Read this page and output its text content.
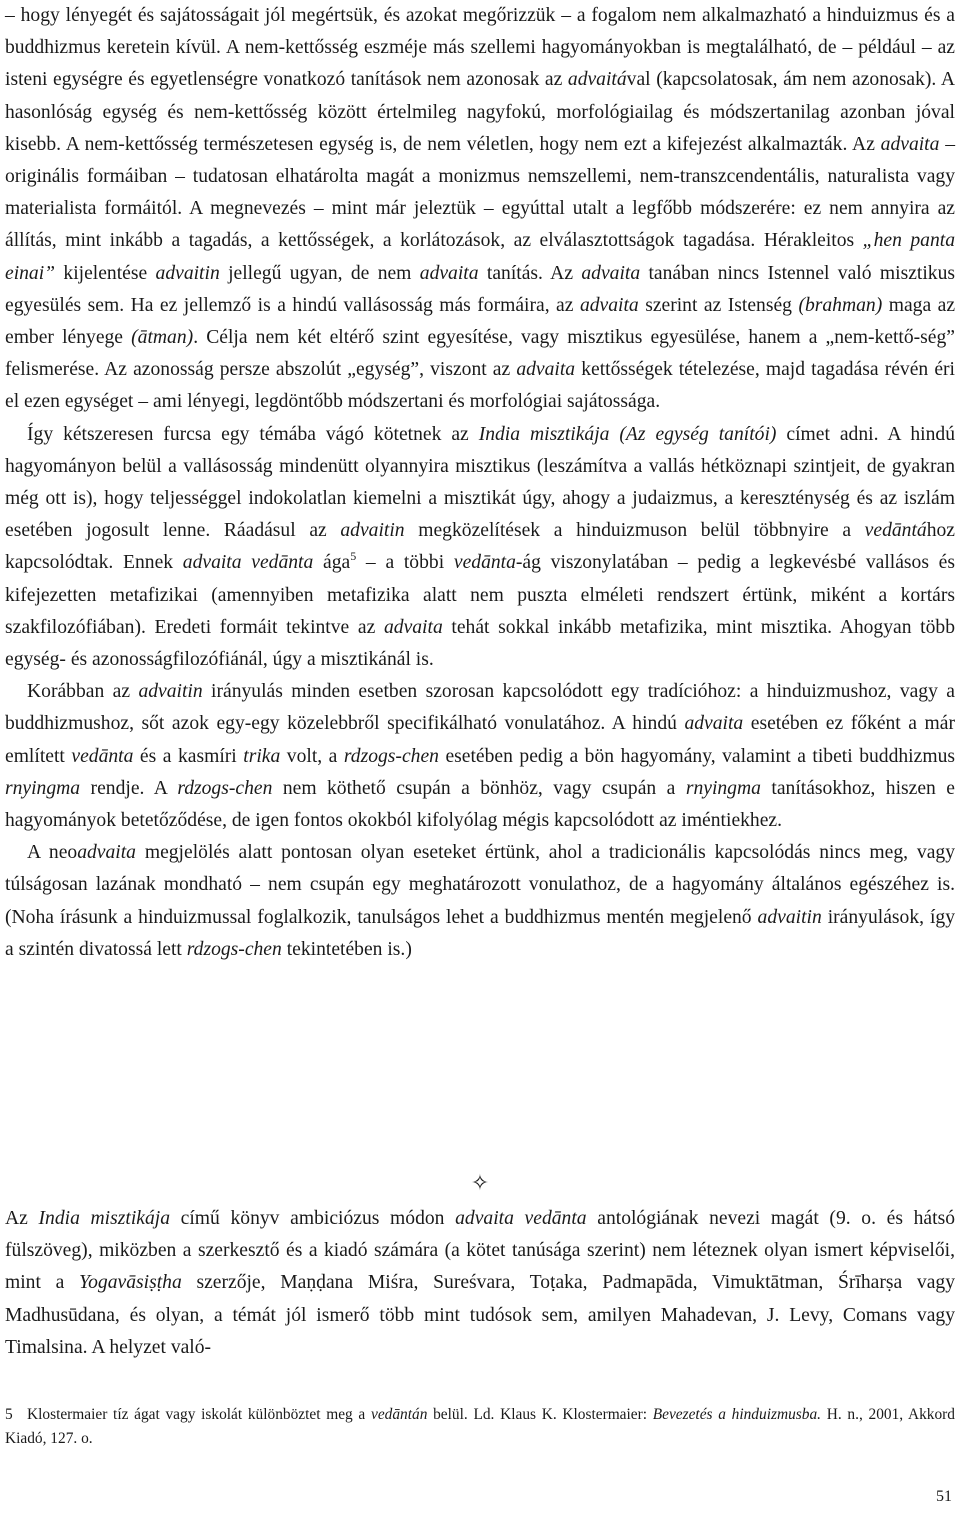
– hogy lényegét és sajátosságait jól megértsük, és azokat megőrizzük – a fogalom nem alkalmazható a hinduizmus és a buddhizmus keretein kívül. A nem-kettősség eszméje más szellemi hagyományokban is megtalálható, de – például – az isteni egységre és egyetlenségre vonatkozó tanítások nem azonosak az advaitával (kapcsolatosak, ám nem azonosak). A hasonlóság egység és nem-kettősség között értelmileg nagyfokú, morfológiailag és módszertanilag azonban jóval kisebb. A nem-kettősség természetesen egység is, de nem véletlen, hogy nem ezt a kifejezést alkalmazták. Az advaita – originális formáiban – tudatosan elhatárolta magát a monizmus nemszellemi, nem-transzcendentális, naturalista vagy materialista formáitól. A megnevezés – mint már jeleztük – egyúttal utalt a legfőbb módszerére: ez nem annyira az állítás, mint inkább a tagadás, a kettősségek, a korlátozások, az elválasztottságok tagadása. Hérakleitos „hen panta einai” kijelentése advaitin jellegű ugyan, de nem advaita tanítás. Az advaita tanában nincs Istennel való misztikus egyesülés sem. Ha ez jellemző is a hindú vallásosság más formáira, az advaita szerint az Istenség (brahman) maga az ember lényege (ātman). Célja nem két eltérő szint egyesítése, vagy misztikus egyesülése, hanem a „nem-kettő-ség” felismerése. Az azonosság persze abszolút „egység”, viszont az advaita kettősségek tételezése, majd tagadása révén éri el ezen egységet – ami lényegi, legdöntőbb módszertani és morfológiai sajátossága.

Így kétszeresen furcsa egy témába vágó kötetnek az India misztikája (Az egység tanítói) címet adni. A hindú hagyományon belül a vallásosság mindenütt olyannyira misztikus (leszámítva a vallás hétköznapi szintjeit, de gyakran még ott is), hogy teljességgel indokolatlan kiemelni a misztikát úgy, ahogy a judaizmus, a kereszténység és az iszlám esetében jogosult lenne. Ráadásul az advaitin megközelítések a hinduizmuson belül többnyire a vedāntához kapcsolódtak. Ennek advaita vedānta ága$^5$ – a többi vedānta-ág viszonylatában – pedig a legkevésbé vallásos és kifejezetten metafizikai (amennyiben metafizika alatt nem puszta elméleti rendszert értünk, miként a kortárs szakfilozófiában). Eredeti formáit tekintve az advaita tehát sokkal inkább metafizika, mint misztika. Ahogyan több egység- és azonosságfilozófiánál, úgy a misztikánál is.

Korábban az advaitin irányulás minden esetben szorosan kapcsolódott egy tradícióhoz: a hinduizmushoz, vagy a buddhizmushoz, sőt azok egy-egy közelebbről specifikálható vonulatához. A hindú advaita esetében ez főként a már említett vedānta és a kasmíri trika volt, a rdzogs-chen esetében pedig a bön hagyomány, valamint a tibeti buddhizmus rnyingma rendje. A rdzogs-chen nem köthető csupán a bönhöz, vagy csupán a rnyingma tanításokhoz, hiszen e hagyományok betetőződése, de igen fontos okokból kifolyólag mégis kapcsolódott az iméntiekhez.

A neoadvaita megjelölés alatt pontosan olyan eseteket értünk, ahol a tradicionális kapcsolódás nincs meg, vagy túlságosan lazának mondható – nem csupán egy meghatározott vonulathoz, de a hagyomány általános egészéhez is. (Noha írásunk a hinduizmussal foglalkozik, tanulságos lehet a buddhizmus mentén megjelenő advaitin irányulások, így a szintén divatossá lett rdzogs-chen tekintetében is.)

✧

Az India misztikája című könyv ambiciózus módon advaita vedānta antológiának nevezi magát (9. o. és hátsó fülszöveg), miközben a szerkesztő és a kiadó számára (a kötet tanúsága szerint) nem léteznek olyan ismert képviselői, mint a Yogavāsiṣṭha szerzője, Maṇḍana Miśra, Sureśvara, Toṭaka, Padmapāda, Vimuktātman, Śrīharṣa vagy Madhusūdana, és olyan, a témát jól ismerő több mint tudósok sem, amilyen Mahadevan, J. Levy, Comans vagy Timalsina. A helyzet való-

5 Klostermaier tíz ágat vagy iskolát különböztet meg a vedāntán belül. Ld. Klaus K. Klostermaier: Bevezetés a hinduizmusba. H. n., 2001, Akkord Kiadó, 127. o.
51
